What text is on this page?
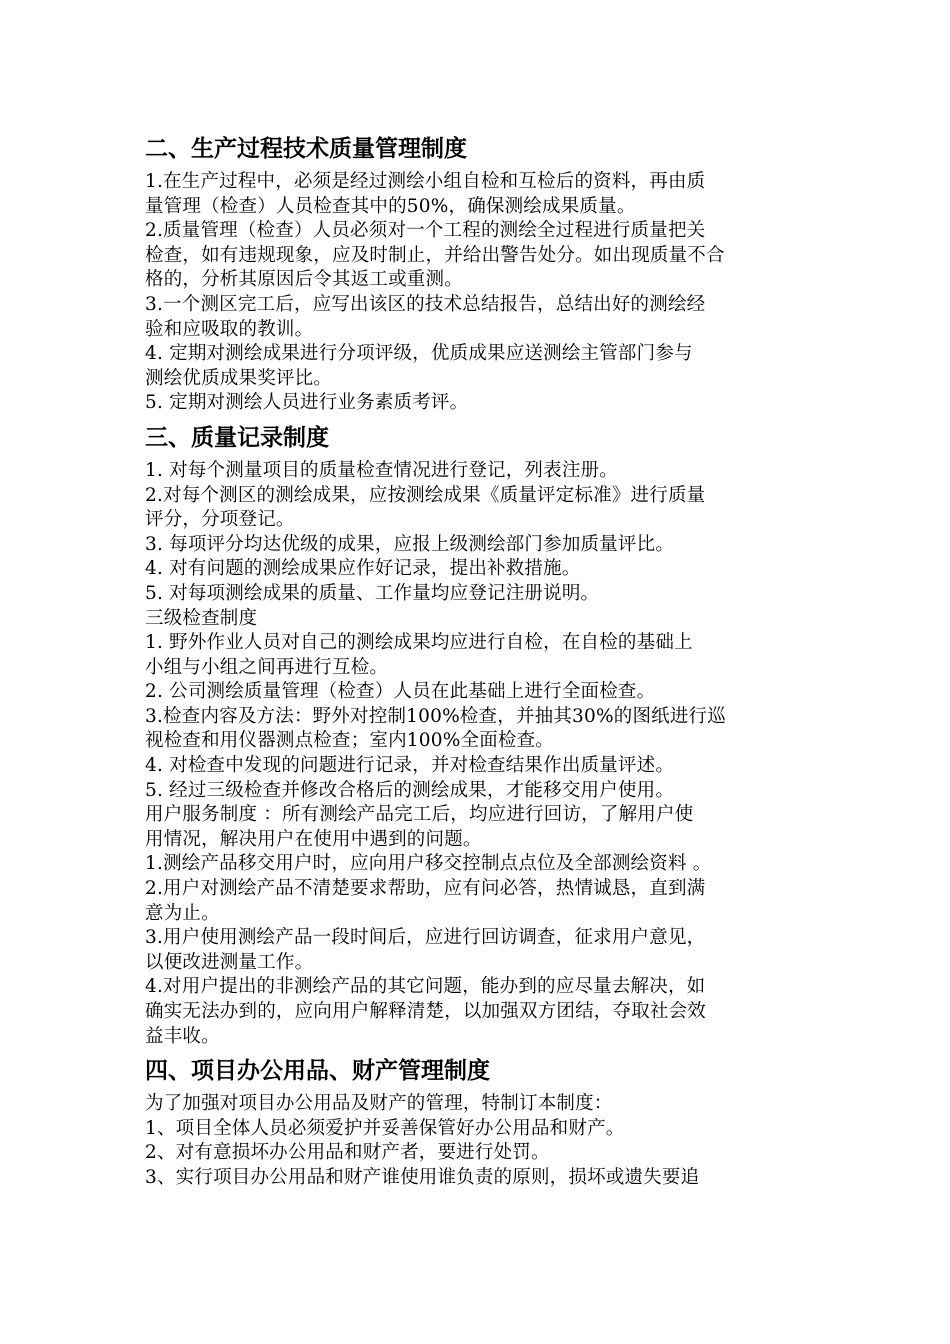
二、生产过程技术质量管理制度
1.在生产过程中，必须是经过测绘小组自检和互检后的资料，再由质
量管理（检查）人员检查其中的50%，确保测绘成果质量。
2.质量管理（检查）人员必须对一个工程的测绘全过程进行质量把关
检查，如有违规现象，应及时制止，并给出警告处分。如出现质量不合
格的，分析其原因后令其返工或重测。
3.一个测区完工后，应写出该区的技术总结报告，总结出好的测绘经
验和应吸取的教训。
4. 定期对测绘成果进行分项评级，优质成果应送测绘主管部门参与
测绘优质成果奖评比。
5. 定期对测绘人员进行业务素质考评。
三、质量记录制度
1. 对每个测量项目的质量检查情况进行登记，列表注册。
2.对每个测区的测绘成果，应按测绘成果《质量评定标准》进行质量
评分，分项登记。
3. 每项评分均达优级的成果，应报上级测绘部门参加质量评比。
4. 对有问题的测绘成果应作好记录，提出补救措施。
5. 对每项测绘成果的质量、工作量均应登记注册说明。
三级检查制度
1. 野外作业人员对自己的测绘成果均应进行自检，在自检的基础上
小组与小组之间再进行互检。
2. 公司测绘质量管理（检查）人员在此基础上进行全面检查。
3.检查内容及方法：野外对控制100%检查，并抽其30%的图纸进行巡
视检查和用仪器测点检查；室内100%全面检查。
4. 对检查中发现的问题进行记录，并对检查结果作出质量评述。
5. 经过三级检查并修改合格后的测绘成果，才能移交用户使用。
用户服务制度 ：所有测绘产品完工后，均应进行回访，了解用户使
用情况，解决用户在使用中遇到的问题。
1.测绘产品移交用户时，应向用户移交控制点点位及全部测绘资料 。
2.用户对测绘产品不清楚要求帮助，应有问必答，热情诚恳，直到满
意为止。
3.用户使用测绘产品一段时间后，应进行回访调查，征求用户意见，
以便改进测量工作。
4.对用户提出的非测绘产品的其它问题，能办到的应尽量去解决，如
确实无法办到的，应向用户解释清楚，以加强双方团结，夺取社会效
益丰收。
四、项目办公用品、财产管理制度
为了加强对项目办公用品及财产的管理，特制订本制度：
1、项目全体人员必须爱护并妥善保管好办公用品和财产。
2、对有意损坏办公用品和财产者，要进行处罚。
3、实行项目办公用品和财产谁使用谁负责的原则，损坏或遗失要追
